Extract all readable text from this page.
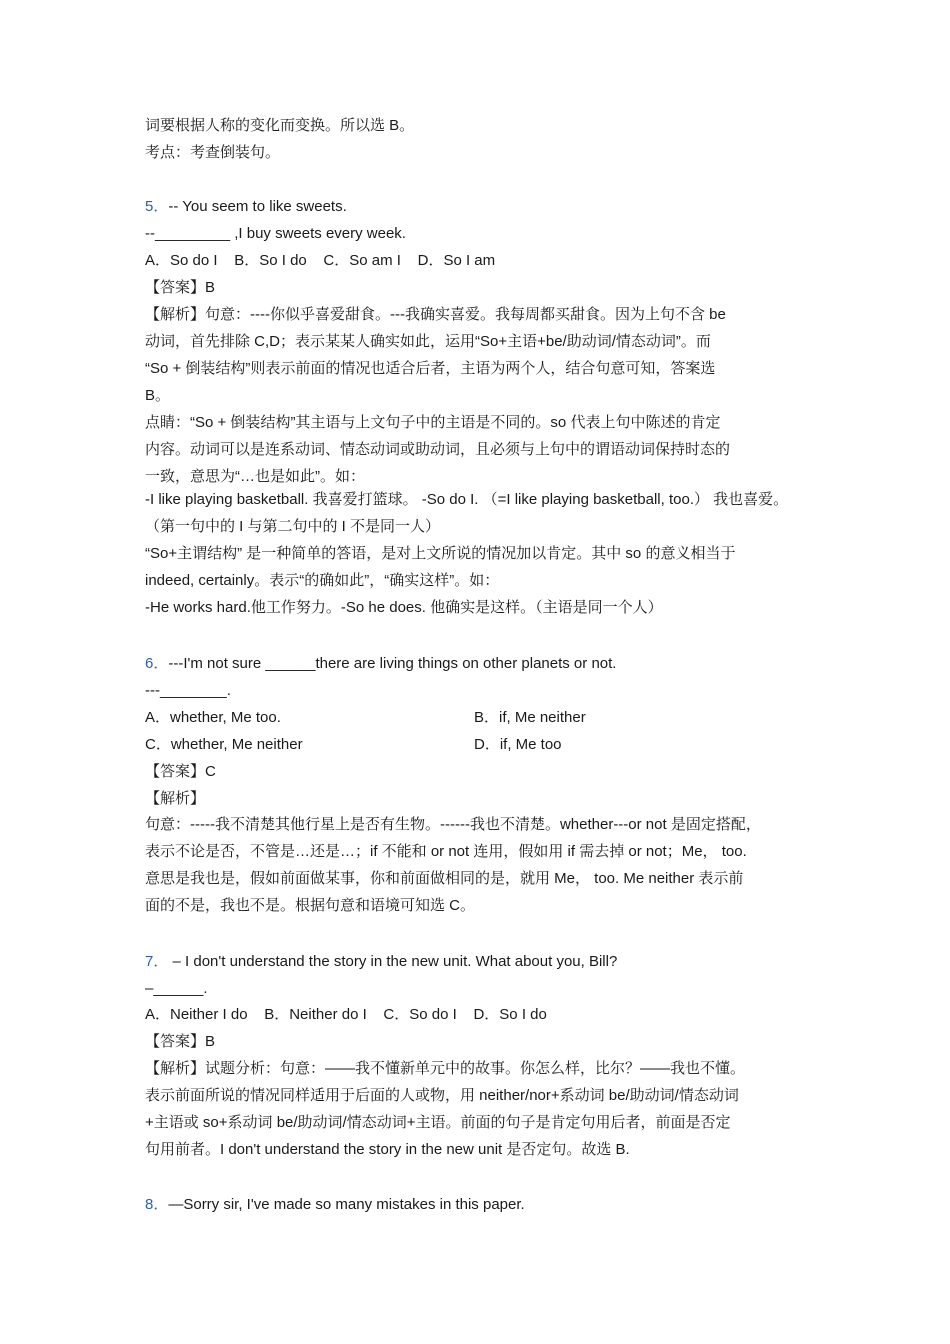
词要根据人称的变化而变换。所以选 B。
考点：考查倒装句。
5．-- You seem to like sweets.
--_________ ,I buy sweets every week.
A．So do I    B．So I do    C．So am I    D．So I am
【答案】B
【解析】句意：----你似乎喜爱甜食。---我确实喜爱。我每周都买甜食。因为上句不含 be
动词，首先排除 C,D；表示某某人确实如此，运用“So+主语+be/助动词/情态动词”。而
“So + 倒装结构”则表示前面的情况也适合后者，主语为两个人，结合句意可知，答案选
B。
点睛：“So + 倒装结构”其主语与上文句子中的主语是不同的。so 代表上句中陈述的肯定
内容。动词可以是连系动词、情态动词或助动词，且必须与上句中的谓语动词保持时态的
一致，意思为“…也是如此”。如：
-I like playing basketball. 我喜爱打篮球。 -So do I. （=I like playing basketball, too.） 我也喜爱。
（第一句中的 I 与第二句中的 I 不是同一人）
“So+主谓结构” 是一种简单的答语，是对上文所说的情况加以肯定。其中 so 的意义相当于
indeed, certainly。表示“的确如此”，“确实这样”。如：
-He works hard.他工作努力。-So he does. 他确实是这样。（主语是同一个人）
6．---I'm not sure ______there are living things on other planets or not.
---________.
A．whether, Me too.	B．if, Me neither
C．whether, Me neither	D．if, Me too
【答案】C
【解析】
句意：-----我不清楚其他行星上是否有生物。------我也不清楚。whether---or not 是固定搭配，
表示不论是否，不管是…还是…；if 不能和 or not 连用，假如用 if 需去掉 or not；Me， too.
意思是我也是，假如前面做某事，你和前面做相同的是，就用 Me， too. Me neither 表示前
面的不是，我也不是。根据句意和语境可知选 C。
7． – I don't understand the story in the new unit. What about you, Bill?
–______.
A．Neither I do    B．Neither do I    C．So do I    D．So I do
【答案】B
【解析】试题分析：句意：——我不懂新单元中的故事。你怎么样，比尔？——我也不懂。
表示前面所说的情况同样适用于后面的人或物，用 neither/nor+系动词 be/助动词/情态动词
+主语或 so+系动词 be/助动词/情态动词+主语。前面的句子是肯定句用后者，前面是否定
句用前者。I don't understand the story in the new unit 是否定句。故选 B.
8．—Sorry sir, I've made so many mistakes in this paper.
